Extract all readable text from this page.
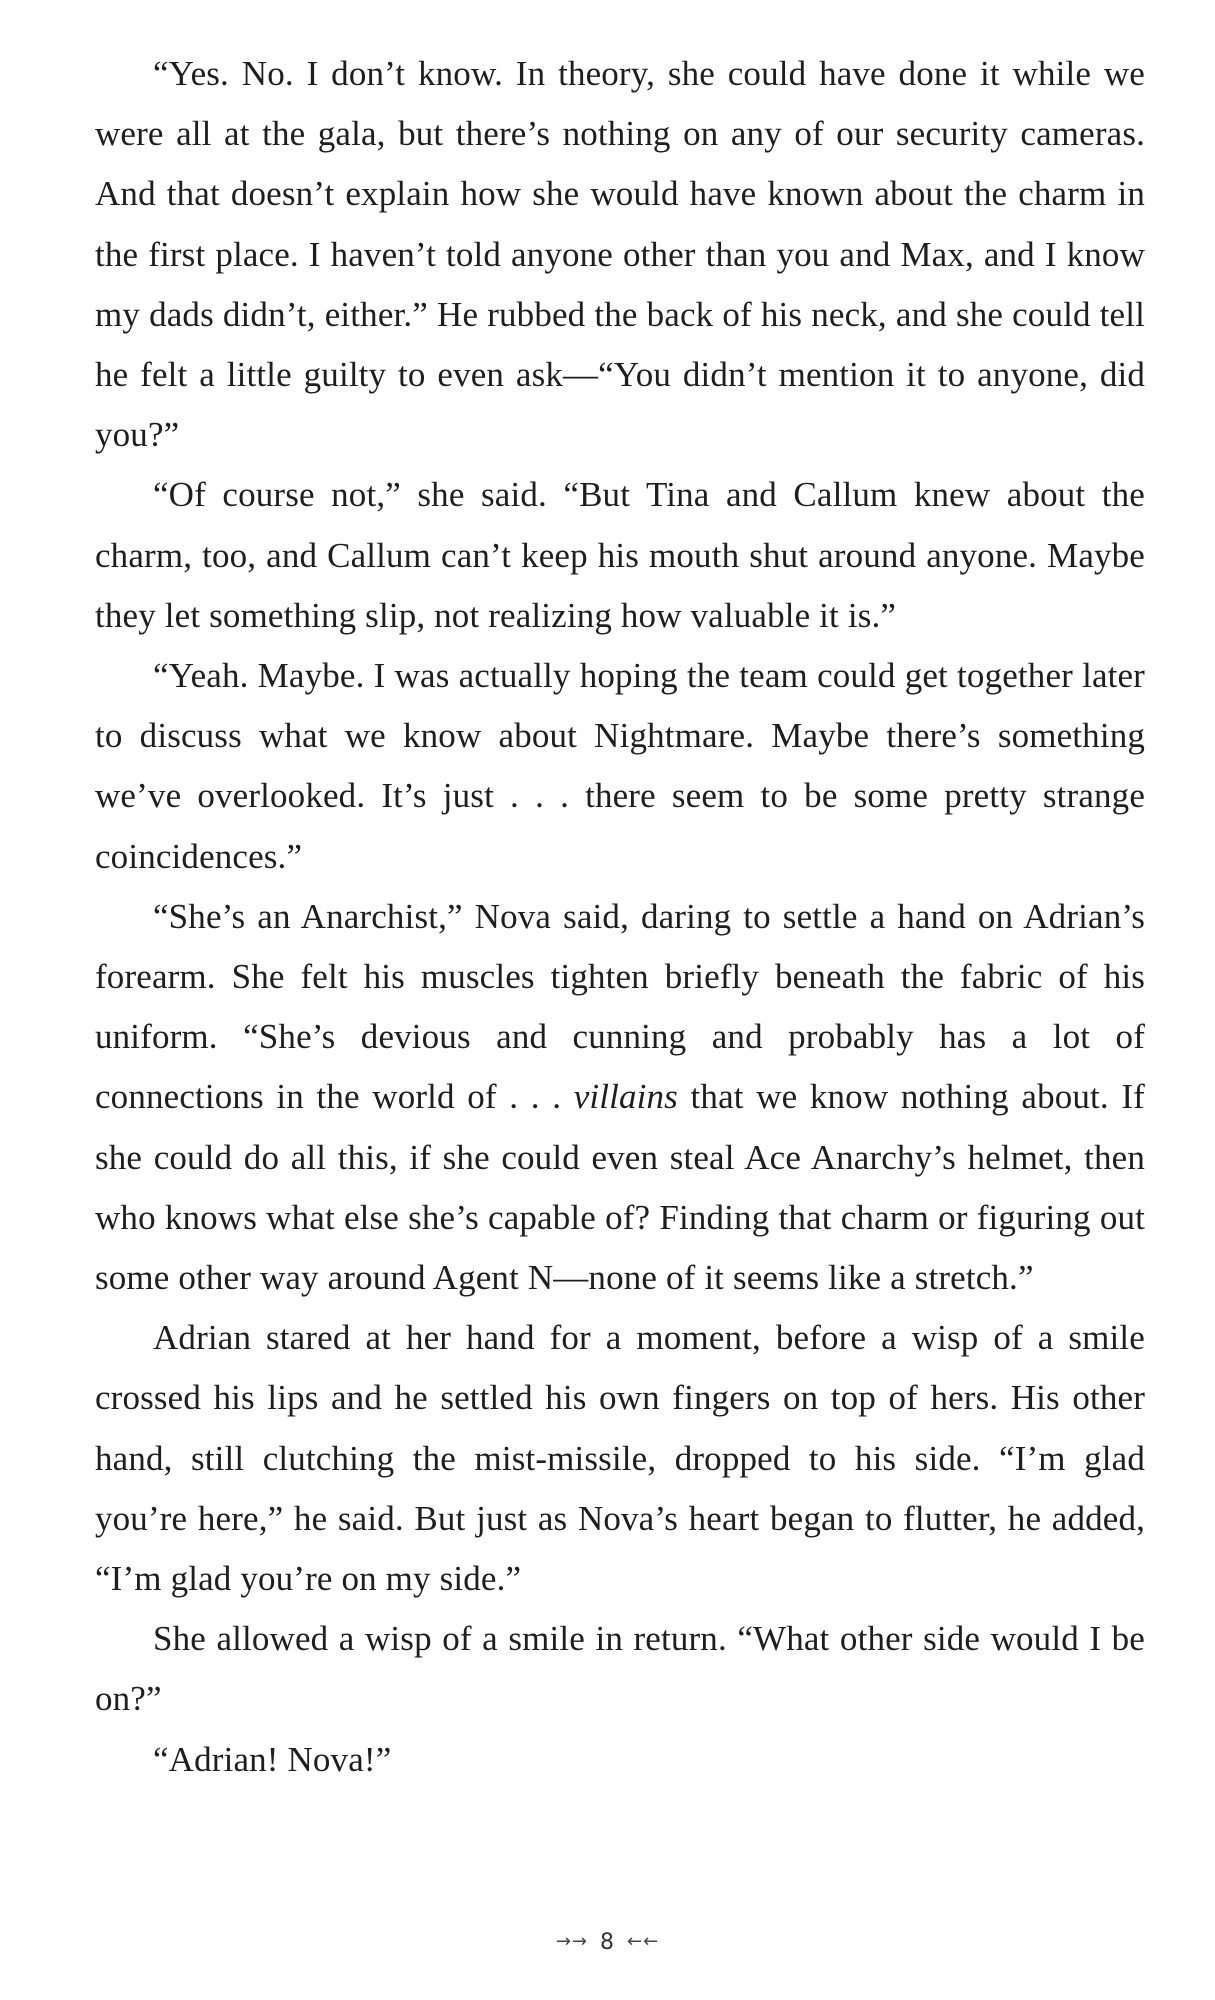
“Yes. No. I don’t know. In theory, she could have done it while we were all at the gala, but there’s nothing on any of our security cameras. And that doesn’t explain how she would have known about the charm in the first place. I haven’t told anyone other than you and Max, and I know my dads didn’t, either.” He rubbed the back of his neck, and she could tell he felt a little guilty to even ask—“You didn’t mention it to anyone, did you?”

“Of course not,” she said. “But Tina and Callum knew about the charm, too, and Callum can’t keep his mouth shut around anyone. Maybe they let something slip, not realizing how valuable it is.”

“Yeah. Maybe. I was actually hoping the team could get together later to discuss what we know about Nightmare. Maybe there’s something we’ve overlooked. It’s just . . . there seem to be some pretty strange coincidences.”

“She’s an Anarchist,” Nova said, daring to settle a hand on Adrian’s forearm. She felt his muscles tighten briefly beneath the fabric of his uniform. “She’s devious and cunning and probably has a lot of connections in the world of . . . villains that we know nothing about. If she could do all this, if she could even steal Ace Anarchy’s helmet, then who knows what else she’s capable of? Finding that charm or figuring out some other way around Agent N—none of it seems like a stretch.”

Adrian stared at her hand for a moment, before a wisp of a smile crossed his lips and he settled his own fingers on top of hers. His other hand, still clutching the mist-missile, dropped to his side. “I’m glad you’re here,” he said. But just as Nova’s heart began to flutter, he added, “I’m glad you’re on my side.”

She allowed a wisp of a smile in return. “What other side would I be on?”

“Adrian! Nova!”

→→ 8 ←←
